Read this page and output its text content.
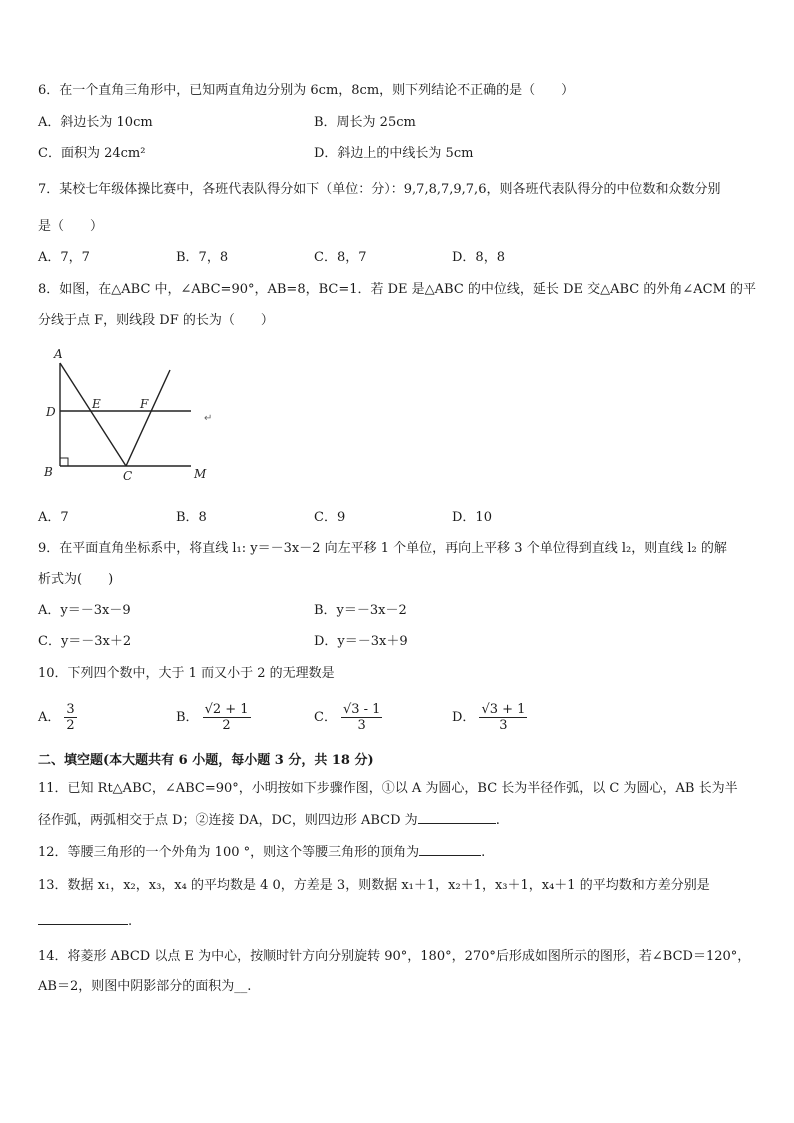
6．在一个直角三角形中，已知两直角边分别为 6cm，8cm，则下列结论不正确的是（　　）
A．斜边长为 10cm	B．周长为 25cm
C．面积为 24cm²	D．斜边上的中线长为 5cm
7．某校七年级体操比赛中，各班代表队得分如下（单位：分）：9,7,8,7,9,7,6，则各班代表队得分的中位数和众数分别
是（　　）
A．7，7	B．7，8	C．8，7	D．8，8
8．如图，在△ABC 中，∠ABC=90°，AB=8，BC=1．若 DE 是△ABC 的中位线，延长 DE 交△ABC 的外角∠ACM 的平
分线于点 F，则线段 DF 的长为（　　）
A
D
E	F
B	C	M
↵
A．7	B．8	C．9	D．10
9．在平面直角坐标系中，将直线 l₁: y＝－3x－2 向左平移 1 个单位，再向上平移 3 个单位得到直线 l₂，则直线 l₂ 的解
析式为(　　)
A．y＝－3x－9	B．y＝－3x－2
C．y＝－3x＋2	D．y＝－3x＋9
10．下列四个数中，大于 1 而又小于 2 的无理数是
A． $\frac{3}{2}$	B． $\frac{√2 + 1}{2}$	C． $\frac{√3 - 1}{3}$	D． $\frac{√3 + 1}{3}$
二、填空题(本大题共有 6 小题，每小题 3 分，共 18 分)
11．已知 Rt△ABC，∠ABC=90°，小明按如下步骤作图，①以 A 为圆心，BC 长为半径作弧，以 C 为圆心，AB 长为半
径作弧，两弧相交于点 D；②连接 DA，DC，则四边形 ABCD 为	.
12．等腰三角形的一个外角为 100 °，则这个等腰三角形的顶角为	.
13．数据 x₁，x₂，x₃，x₄ 的平均数是 4 0，方差是 3，则数据 x₁＋1，x₂＋1，x₃＋1，x₄＋1 的平均数和方差分别是
.
14．将菱形 ABCD 以点 E 为中心，按顺时针方向分别旋转 90°，180°，270°后形成如图所示的图形，若∠BCD＝120°，
AB＝2，则图中阴影部分的面积为__.
